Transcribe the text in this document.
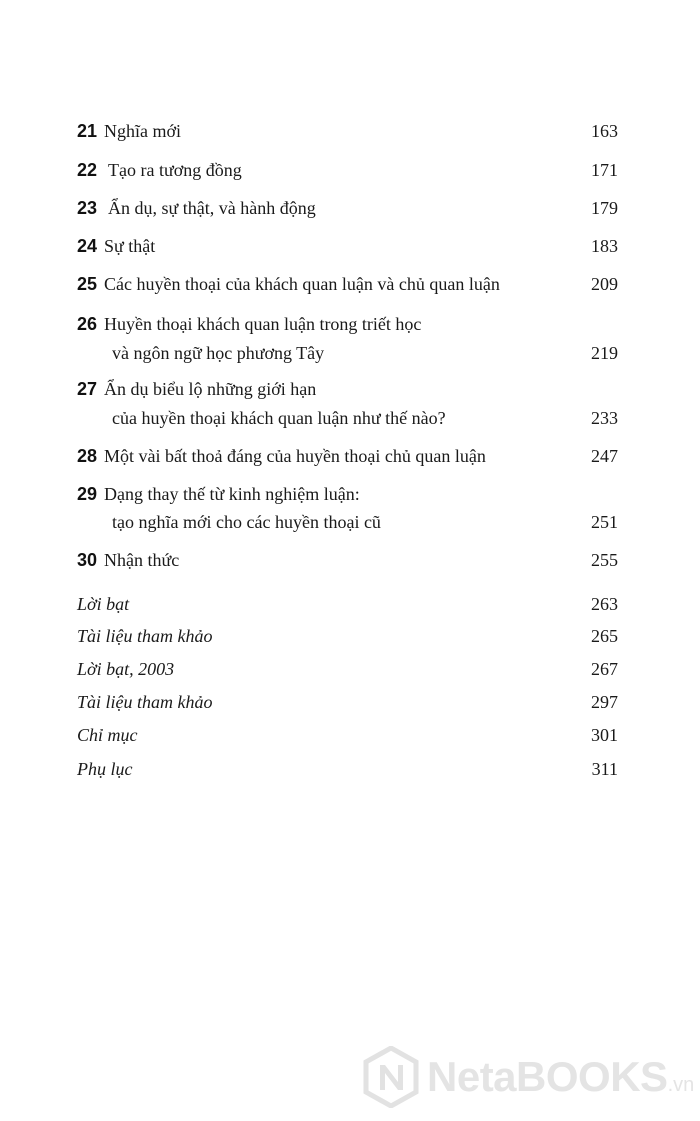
21 Nghĩa mới	163
22 Tạo ra tương đồng	171
23 Ẩn dụ, sự thật, và hành động	179
24 Sự thật	183
25 Các huyền thoại của khách quan luận và chủ quan luận	209
26 Huyền thoại khách quan luận trong triết học
và ngôn ngữ học phương Tây	219
27 Ẩn dụ biểu lộ những giới hạn
của huyền thoại khách quan luận như thế nào?	233
28 Một vài bất thoả đáng của huyền thoại chủ quan luận	247
29 Dạng thay thế từ kinh nghiệm luận:
tạo nghĩa mới cho các huyền thoại cũ	251
30 Nhận thức	255
Lời bạt	263
Tài liệu tham khảo	265
Lời bạt, 2003	267
Tài liệu tham khảo	297
Chỉ mục	301
Phụ lục	311
NetaBOOKS.vn
